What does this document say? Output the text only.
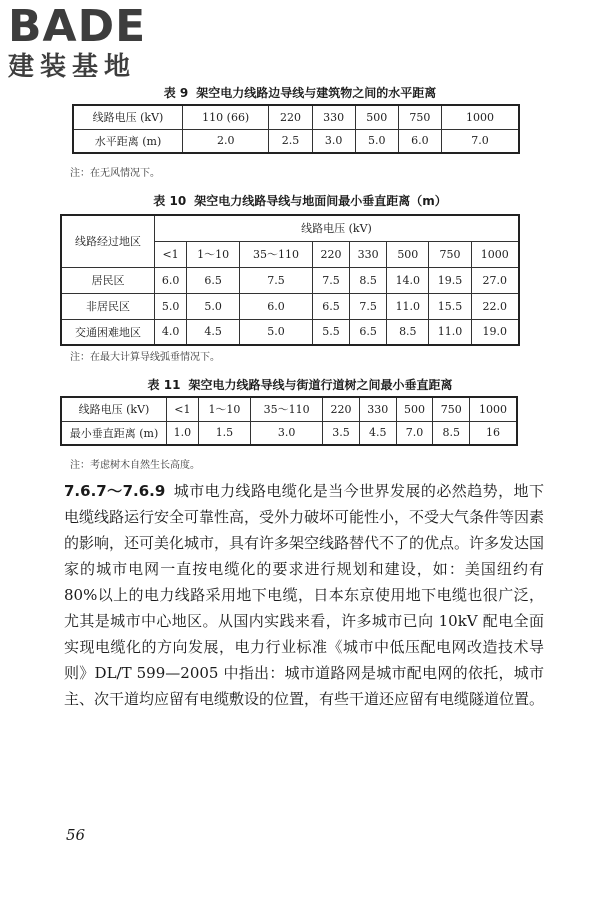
BADE
建装基地
表 9 架空电力线路边导线与建筑物之间的水平距离
线路电压 (kV)	110 (66)	220	330	500	750	1000
水平距离 (m)	2.0	2.5	3.0	5.0	6.0	7.0
注：在无风情况下。
表 10 架空电力线路导线与地面间最小垂直距离（m）
线路经过地区	线路电压 (kV)							
	<1	1～10	35～110	220	330	500	750	1000
居民区	6.0	6.5	7.5	7.5	8.5	14.0	19.5	27.0
非居民区	5.0	5.0	6.0	6.5	7.5	11.0	15.5	22.0
交通困难地区	4.0	4.5	5.0	5.5	6.5	8.5	11.0	19.0
注：在最大计算导线弧垂情况下。
表 11 架空电力线路导线与街道行道树之间最小垂直距离
线路电压 (kV)	<1	1～10	35～110	220	330	500	750	1000
最小垂直距离 (m)	1.0	1.5	3.0	3.5	4.5	7.0	8.5	16
注：考虑树木自然生长高度。
7.6.7～7.6.9 城市电力线路电缆化是当今世界发展的必然趋势，地下电缆线路运行安全可靠性高，受外力破坏可能性小，不受大气条件等因素的影响，还可美化城市，具有许多架空线路替代不了的优点。许多发达国家的城市电网一直按电缆化的要求进行规划和建设，如：美国纽约有 80%以上的电力线路采用地下电缆，日本东京使用地下电缆也很广泛，尤其是城市中心地区。从国内实践来看，许多城市已向 10kV 配电全面实现电缆化的方向发展，电力行业标准《城市中低压配电网改造技术导则》DL/T 599—2005 中指出：城市道路网是城市配电网的依托，城市主、次干道均应留有电缆敷设的位置，有些干道还应留有电缆隧道位置。
56
